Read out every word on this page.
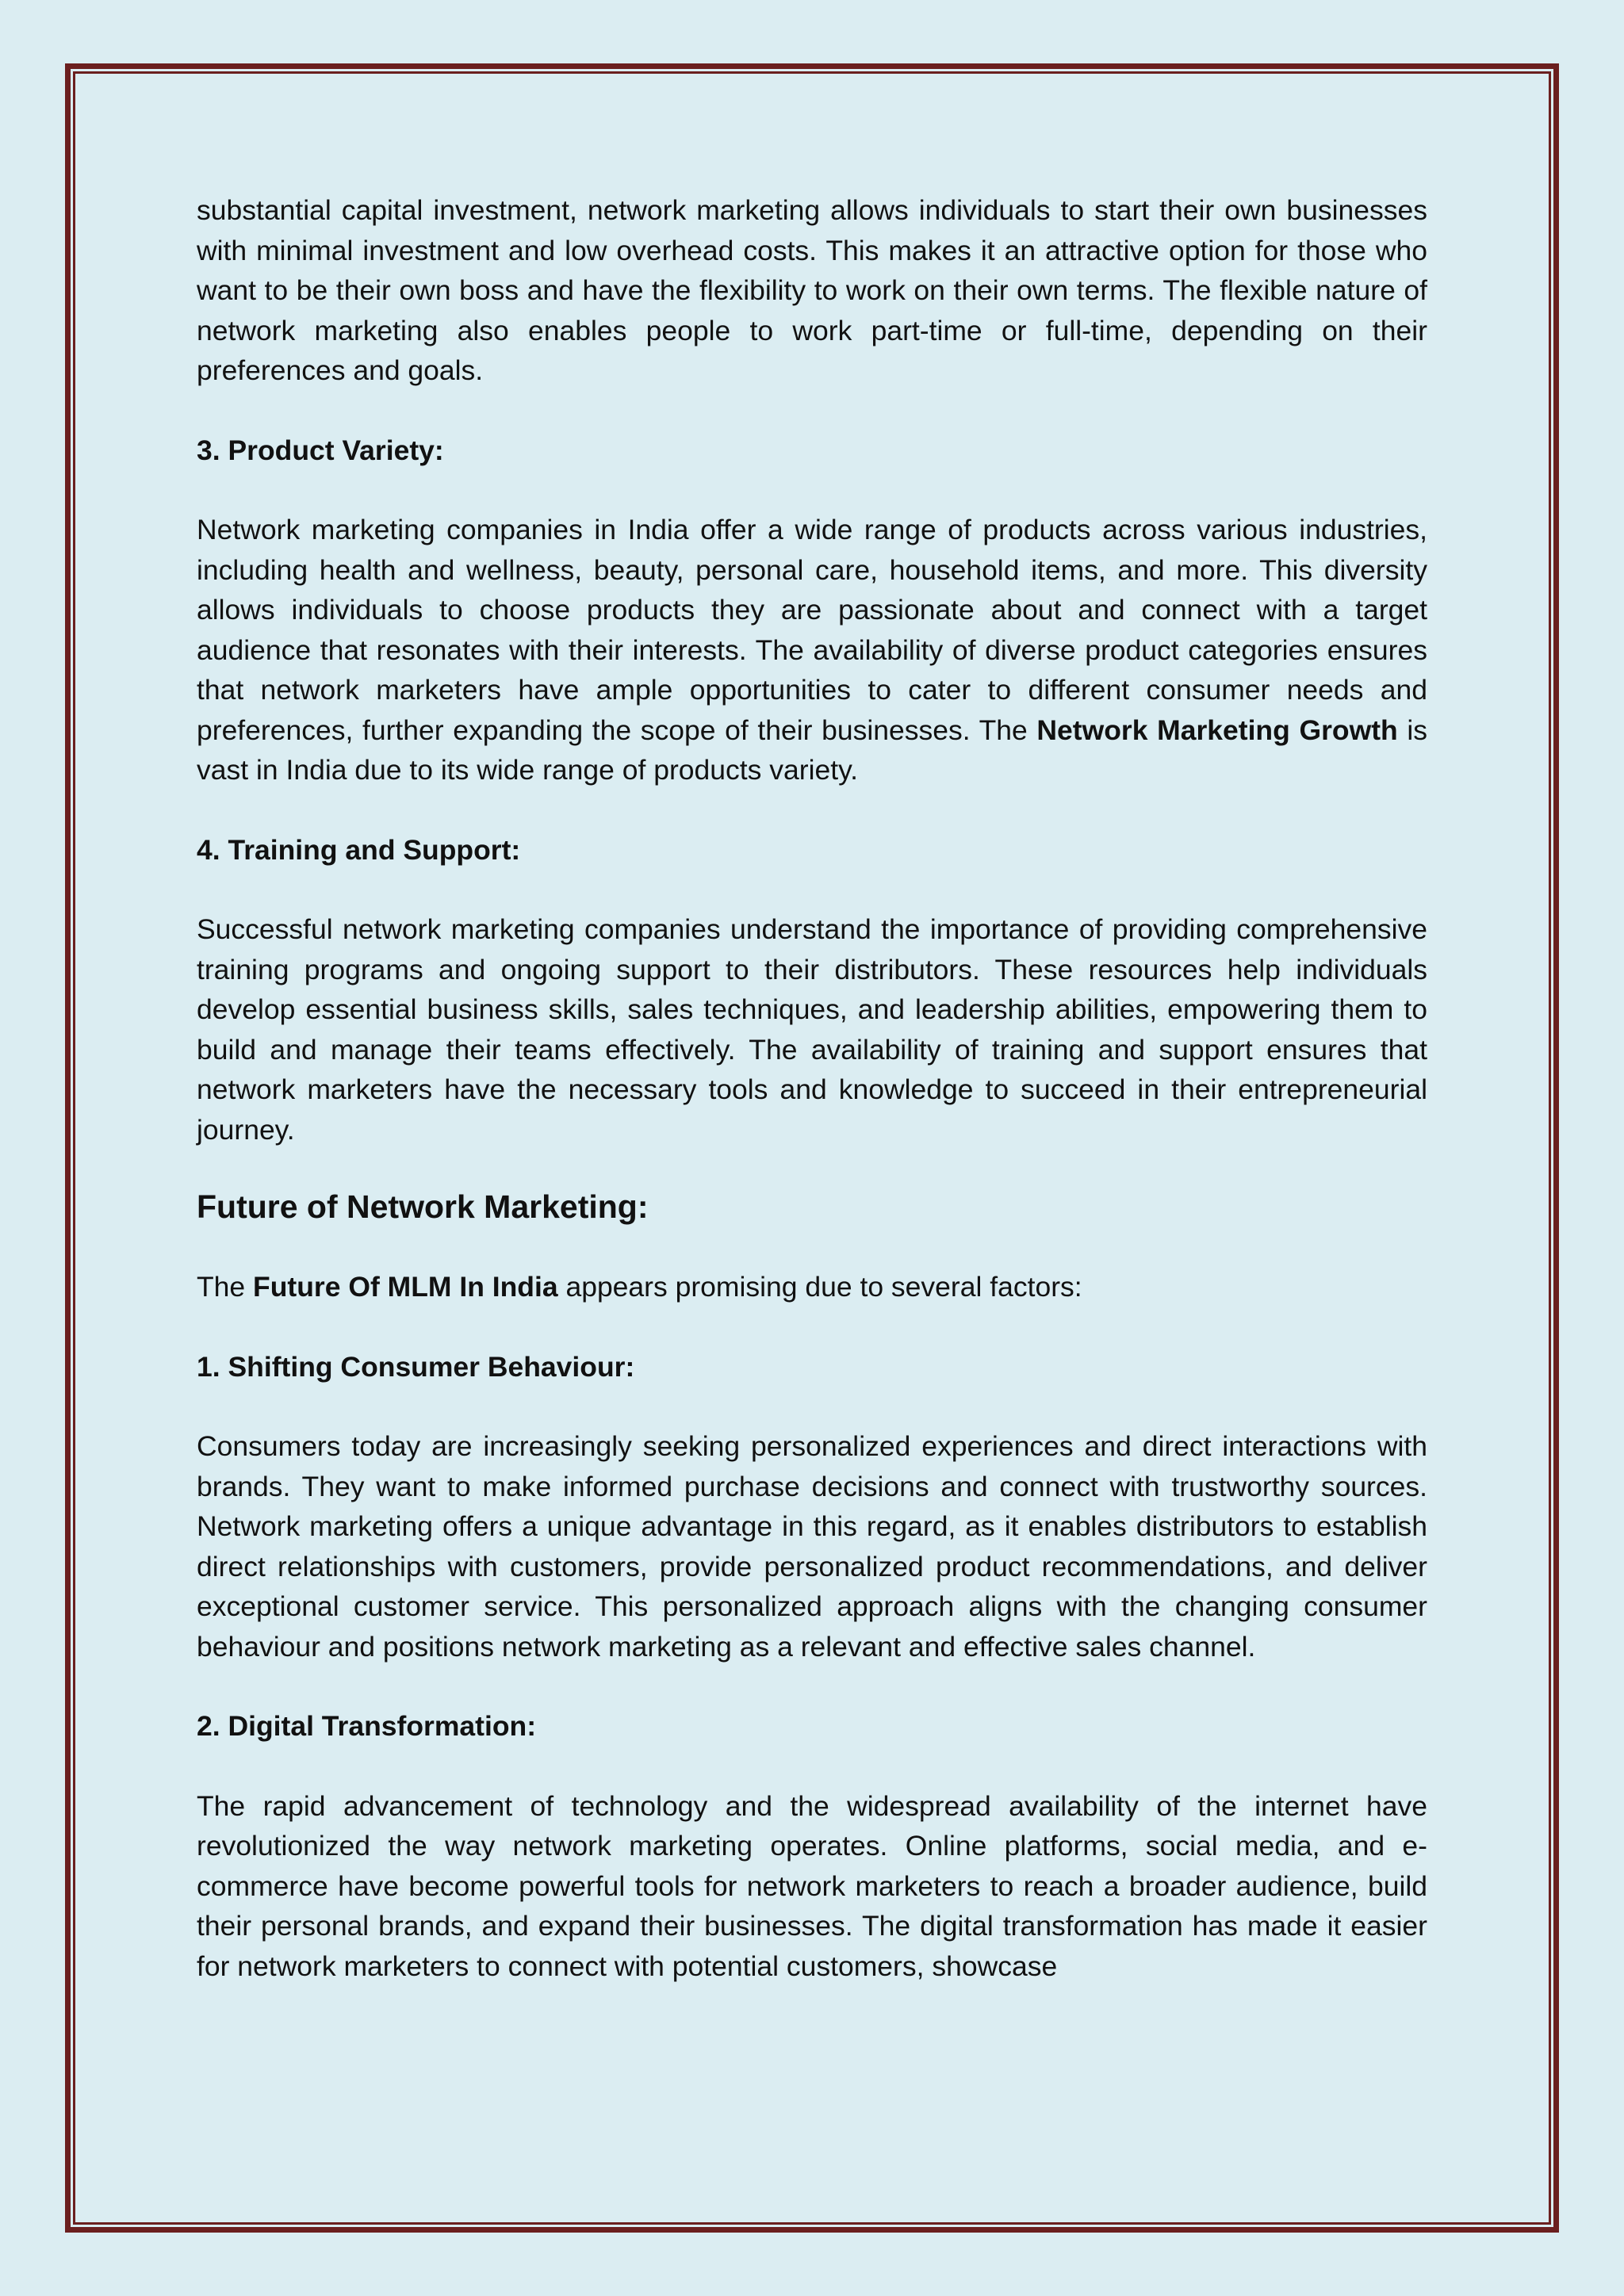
substantial capital investment, network marketing allows individuals to start their own businesses with minimal investment and low overhead costs. This makes it an attractive option for those who want to be their own boss and have the flexibility to work on their own terms. The flexible nature of network marketing also enables people to work part-time or full-time, depending on their preferences and goals.

3. Product Variety:

Network marketing companies in India offer a wide range of products across various industries, including health and wellness, beauty, personal care, household items, and more. This diversity allows individuals to choose products they are passionate about and connect with a target audience that resonates with their interests. The availability of diverse product categories ensures that network marketers have ample opportunities to cater to different consumer needs and preferences, further expanding the scope of their businesses. The Network Marketing Growth is vast in India due to its wide range of products variety.

4. Training and Support:

Successful network marketing companies understand the importance of providing comprehensive training programs and ongoing support to their distributors. These resources help individuals develop essential business skills, sales techniques, and leadership abilities, empowering them to build and manage their teams effectively. The availability of training and support ensures that network marketers have the necessary tools and knowledge to succeed in their entrepreneurial journey.

Future of Network Marketing:

The Future Of MLM In India appears promising due to several factors:

1. Shifting Consumer Behaviour:

Consumers today are increasingly seeking personalized experiences and direct interactions with brands. They want to make informed purchase decisions and connect with trustworthy sources. Network marketing offers a unique advantage in this regard, as it enables distributors to establish direct relationships with customers, provide personalized product recommendations, and deliver exceptional customer service. This personalized approach aligns with the changing consumer behaviour and positions network marketing as a relevant and effective sales channel.

2. Digital Transformation:

The rapid advancement of technology and the widespread availability of the internet have revolutionized the way network marketing operates. Online platforms, social media, and e-commerce have become powerful tools for network marketers to reach a broader audience, build their personal brands, and expand their businesses. The digital transformation has made it easier for network marketers to connect with potential customers, showcase
